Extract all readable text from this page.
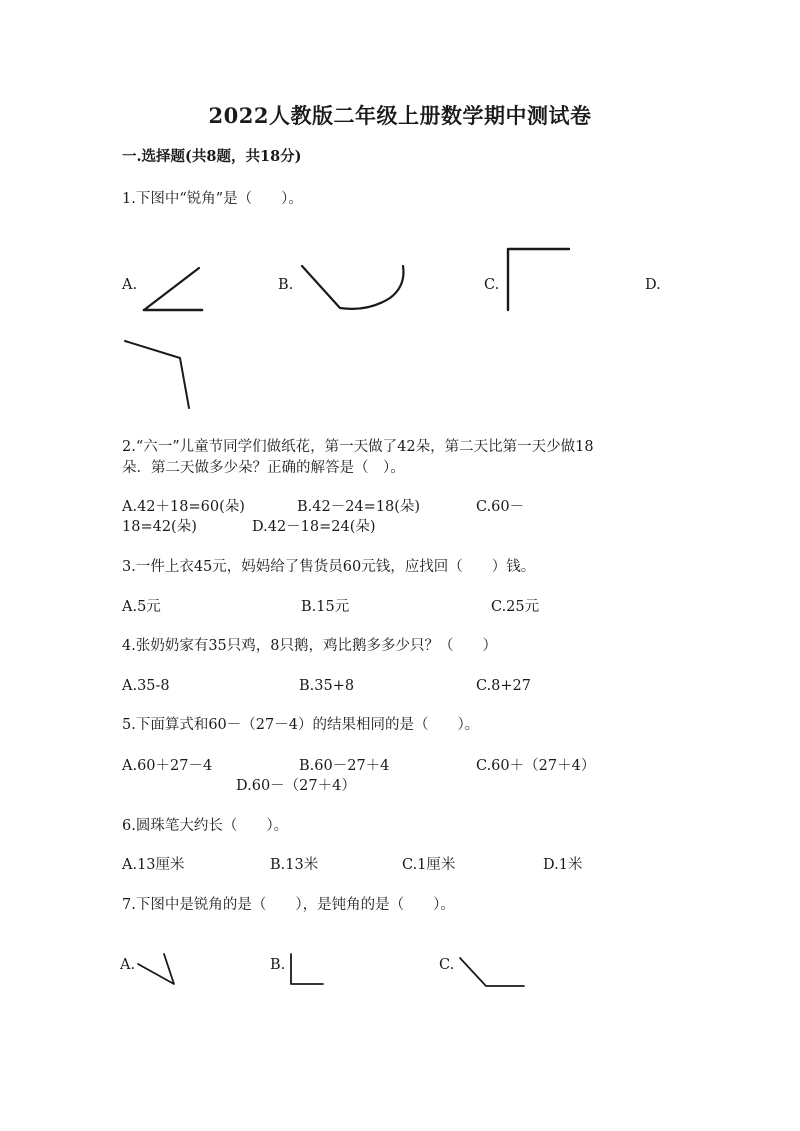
2022人教版二年级上册数学期中测试卷
一.选择题(共8题，共18分)
1.下图中“锐角”是（　　）。
A.	B.	C.	D.
2.“六一”儿童节同学们做纸花，第一天做了42朵，第二天比第一天少做18
朵．第二天做多少朵？正确的解答是（　）。
A.42＋18=60(朵)	B.42－24=18(朵)	C.60－
18=42(朵)	D.42－18=24(朵)
3.一件上衣45元，妈妈给了售货员60元钱，应找回（　　）钱。
A.5元	B.15元	C.25元
4.张奶奶家有35只鸡，8只鹅，鸡比鹅多多少只？（　　）
A.35-8	B.35+8	C.8+27
5.下面算式和60－（27－4）的结果相同的是（　　）。
A.60＋27－4	B.60－27＋4	C.60＋（27＋4）
D.60－（27＋4）
6.圆珠笔大约长（　　）。
A.13厘米	B.13米	C.1厘米	D.1米
7.下图中是锐角的是（　　），是钝角的是（　　）。
A.	B.	C.
